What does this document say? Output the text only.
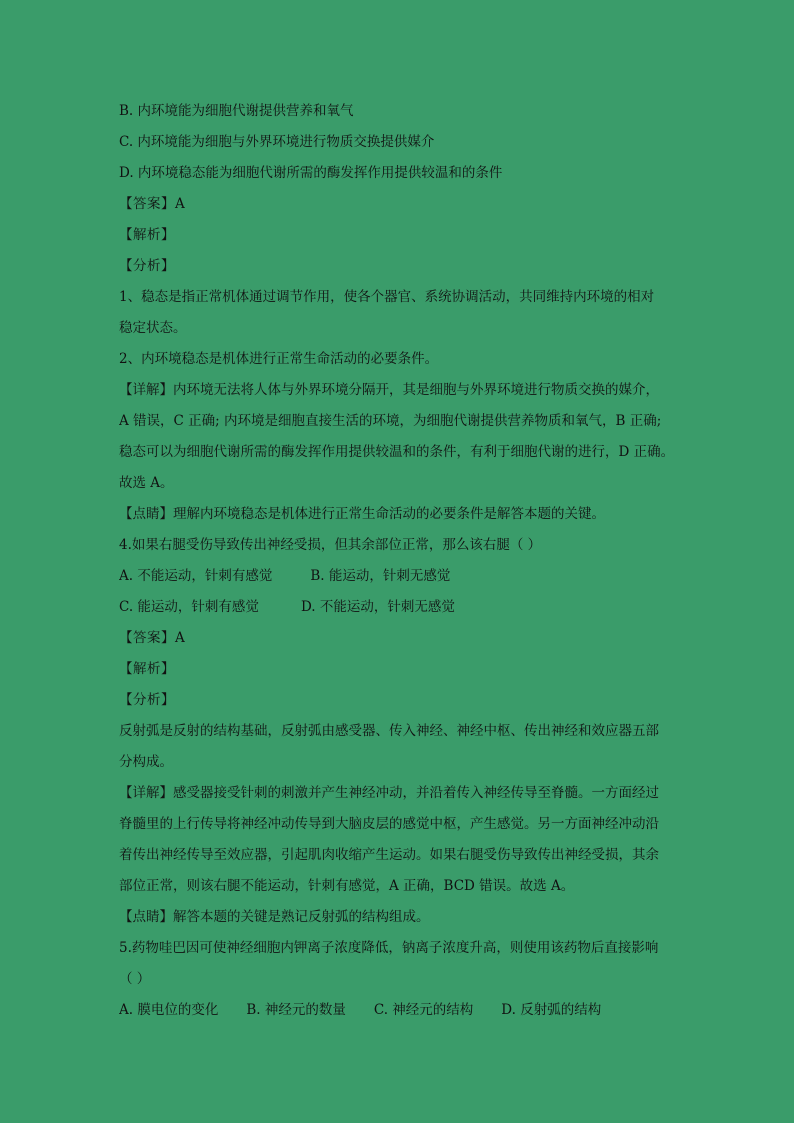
B. 内环境能为细胞代谢提供营养和氧气
C. 内环境能为细胞与外界环境进行物质交换提供媒介
D. 内环境稳态能为细胞代谢所需的酶发挥作用提供较温和的条件
【答案】A
【解析】
【分析】
1、稳态是指正常机体通过调节作用，使各个器官、系统协调活动，共同维持内环境的相对
稳定状态。
2、内环境稳态是机体进行正常生命活动的必要条件。
【详解】内环境无法将人体与外界环境分隔开，其是细胞与外界环境进行物质交换的媒介，
A 错误，C 正确; 内环境是细胞直接生活的环境，为细胞代谢提供营养物质和氧气，B 正确;
稳态可以为细胞代谢所需的酶发挥作用提供较温和的条件，有利于细胞代谢的进行，D 正确。
故选 A。
【点睛】理解内环境稳态是机体进行正常生命活动的必要条件是解答本题的关键。
4.如果右腿受伤导致传出神经受损，但其余部位正常，那么该右腿（ ）
A. 不能运动，针刺有感觉	B. 能运动，针刺无感觉
C. 能运动，针刺有感觉	D. 不能运动，针刺无感觉
【答案】A
【解析】
【分析】
反射弧是反射的结构基础，反射弧由感受器、传入神经、神经中枢、传出神经和效应器五部
分构成。
【详解】感受器接受针刺的刺激并产生神经冲动，并沿着传入神经传导至脊髓。一方面经过
脊髓里的上行传导将神经冲动传导到大脑皮层的感觉中枢，产生感觉。另一方面神经冲动沿
着传出神经传导至效应器，引起肌肉收缩产生运动。如果右腿受伤导致传出神经受损，其余
部位正常，则该右腿不能运动，针刺有感觉，A 正确，BCD 错误。故选 A。
【点睛】解答本题的关键是熟记反射弧的结构组成。
5.药物哇巴因可使神经细胞内钾离子浓度降低，钠离子浓度升高，则使用该药物后直接影响
（ ）
A. 膜电位的变化 B. 神经元的数量 C. 神经元的结构 D. 反射弧的结构
